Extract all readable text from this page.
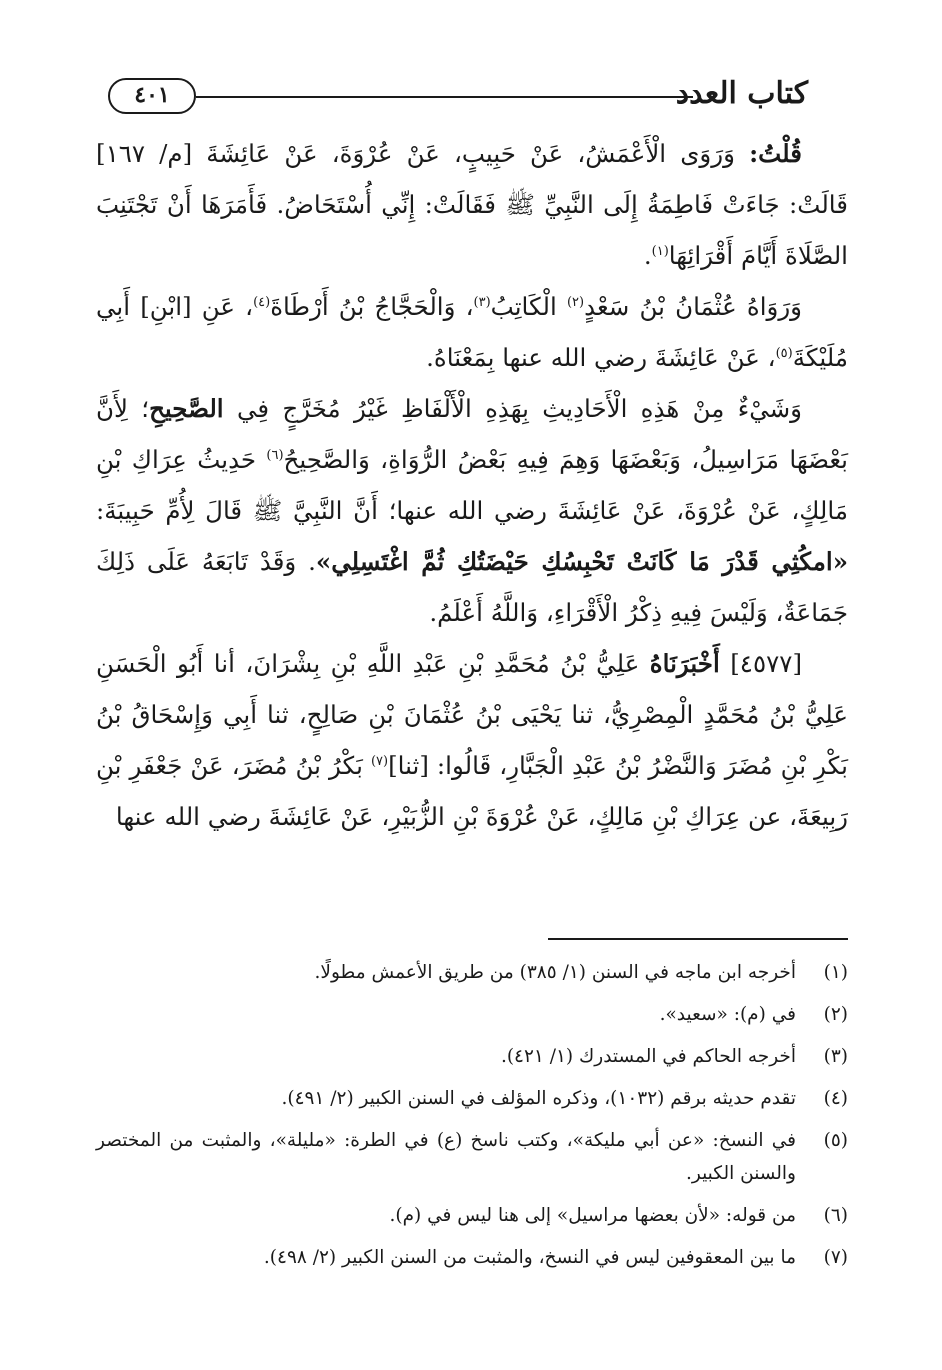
كتاب العدد
٤٠١

قُلْتُ: وَرَوَى الْأَعْمَشُ، عَنْ حَبِيبٍ، عَنْ عُرْوَةَ، عَنْ عَائِشَةَ [م/ ١٦٧] قَالَتْ: جَاءَتْ فَاطِمَةُ إِلَى النَّبِيِّ ﷺ فَقَالَتْ: إِنِّي أُسْتَحَاضُ. فَأَمَرَهَا أَنْ تَجْتَنِبَ الصَّلَاةَ أَيَّامَ أَقْرَائِهَا$^{(١)}$.

وَرَوَاهُ عُثْمَانُ بْنُ سَعْدٍ$^{(٢)}$ الْكَاتِبُ$^{(٣)}$، وَالْحَجَّاجُ بْنُ أَرْطَاةَ$^{(٤)}$، عَنِ [ابْنِ] أَبِي مُلَيْكَةَ$^{(٥)}$، عَنْ عَائِشَةَ رضي الله عنها بِمَعْنَاهُ.

وَشَيْءٌ مِنْ هَذِهِ الْأَحَادِيثِ بِهَذِهِ الْأَلْفَاظِ غَيْرُ مُخَرَّجٍ فِي الصَّحِيحِ؛ لِأَنَّ بَعْضَهَا مَرَاسِيلُ، وَبَعْضَهَا وَهِمَ فِيهِ بَعْضُ الرُّوَاةِ، وَالصَّحِيحُ$^{(٦)}$ حَدِيثُ عِرَاكِ بْنِ مَالِكٍ، عَنْ عُرْوَةَ، عَنْ عَائِشَةَ رضي الله عنها؛ أَنَّ النَّبِيَّ ﷺ قَالَ لِأُمِّ حَبِيبَةَ: «امكُثِي قَدْرَ مَا كَانَتْ تَحْبِسُكِ حَيْضَتُكِ ثُمَّ اغْتَسِلِي». وَقَدْ تَابَعَهُ عَلَى ذَلِكَ جَمَاعَةٌ، وَلَيْسَ فِيهِ ذِكْرُ الْأَقْرَاءِ، وَاللَّهُ أَعْلَمُ.

[٤٥٧٧] أَخْبَرَنَاهُ عَلِيُّ بْنُ مُحَمَّدِ بْنِ عَبْدِ اللَّهِ بْنِ بِشْرَانَ، أنا أَبُو الْحَسَنِ عَلِيُّ بْنُ مُحَمَّدٍ الْمِصْرِيُّ، ثنا يَحْيَى بْنُ عُثْمَانَ بْنِ صَالِحٍ، ثنا أَبِي وَإِسْحَاقُ بْنُ بَكْرِ بْنِ مُضَرَ وَالنَّضْرُ بْنُ عَبْدِ الْجَبَّارِ، قَالُوا: [ثنا]$^{(٧)}$ بَكْرُ بْنُ مُضَرَ، عَنْ جَعْفَرِ بْنِ رَبِيعَةَ، عن عِرَاكِ بْنِ مَالِكٍ، عَنْ عُرْوَةَ بْنِ الزُّبَيْرِ، عَنْ عَائِشَةَ رضي الله عنها

(١)
أخرجه ابن ماجه في السنن (١/ ٣٨٥) من طريق الأعمش مطولًا.
(٢)
في (م): «سعيد».
(٣)
أخرجه الحاكم في المستدرك (١/ ٤٢١).
(٤)
تقدم حديثه برقم (١٠٣٢)، وذكره المؤلف في السنن الكبير (٢/ ٤٩١).
(٥)
في النسخ: «عن أبي مليكة»، وكتب ناسخ (ع) في الطرة: «مليلة»، والمثبت من المختصر والسنن الكبير.
(٦)
من قوله: «لأن بعضها مراسيل» إلى هنا ليس في (م).
(٧)
ما بين المعقوفين ليس في النسخ، والمثبت من السنن الكبير (٢/ ٤٩٨).
